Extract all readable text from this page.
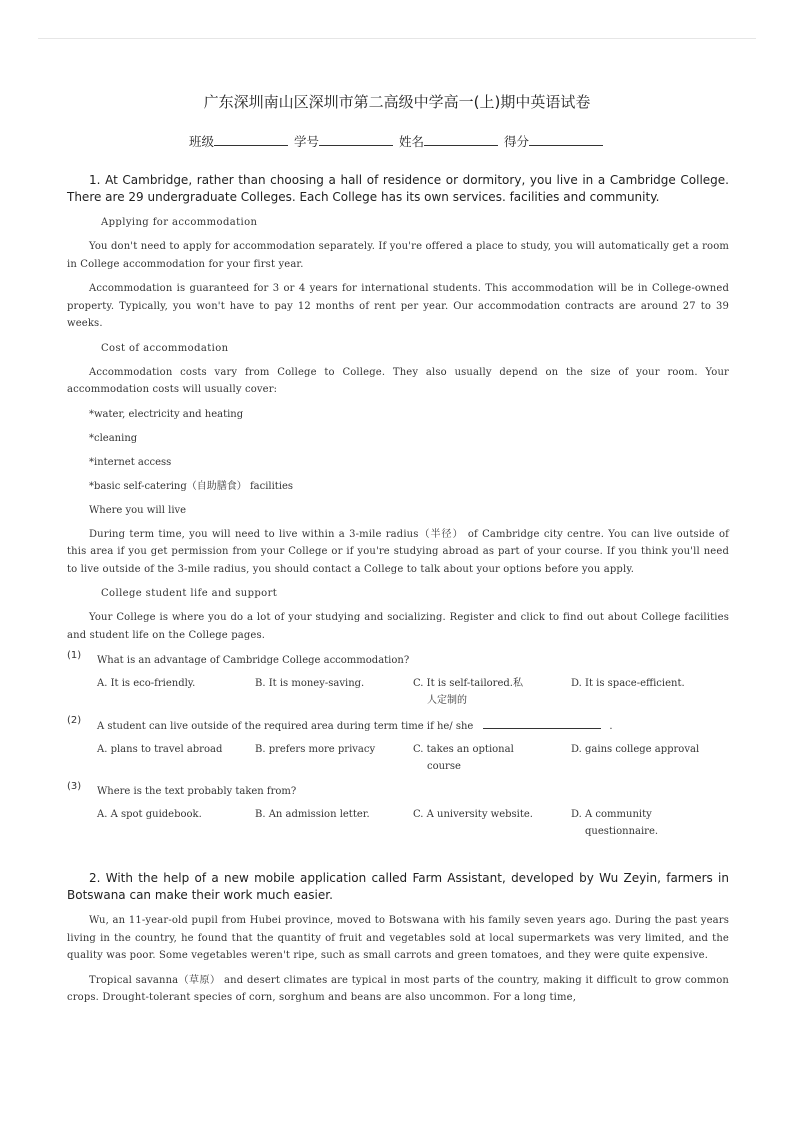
广东深圳南山区深圳市第二高级中学高一(上)期中英语试卷
班级	学号	姓名	得分

1. At Cambridge, rather than choosing a hall of residence or dormitory, you live in a Cambridge College. There are 29 undergraduate Colleges. Each College has its own services. facilities and community.

Applying for accommodation

You don't need to apply for accommodation separately. If you're offered a place to study, you will automatically get a room in College accommodation for your first year.

Accommodation is guaranteed for 3 or 4 years for international students. This accommodation will be in College-owned property. Typically, you won't have to pay 12 months of rent per year. Our accommodation contracts are around 27 to 39 weeks.

Cost of accommodation

Accommodation costs vary from College to College. They also usually depend on the size of your room. Your accommodation costs will usually cover:

*water, electricity and heating

*cleaning

*internet access

*basic self-catering（自助膳食） facilities

Where you will live

During term time, you will need to live within a 3-mile radius（半径） of Cambridge city centre. You can live outside of this area if you get permission from your College or if you're studying abroad as part of your course. If you think you'll need to live outside of the 3-mile radius, you should contact a College to talk about your options before you apply.

College student life and support

Your College is where you do a lot of your studying and socializing. Register and click to find out about College facilities and student life on the College pages.

(1) What is an advantage of Cambridge College accommodation?
A. It is eco-friendly.	B. It is money-saving.	C. It is self-tailored.私
人定制的
D. It is space-efficient.
(2)
A student can live outside of the required area during term time if he/ she	.
A. plans to travel abroad	B. prefers more privacy	C. takes an optional
course
D. gains college approval
(3) Where is the text probably taken from?
A. A spot guidebook.	B. An admission letter.	C. A university website.	D. A community
questionnaire.

2. With the help of a new mobile application called Farm Assistant, developed by Wu Zeyin, farmers in Botswana can make their work much easier.

Wu, an 11-year-old pupil from Hubei province, moved to Botswana with his family seven years ago. During the past years living in the country, he found that the quantity of fruit and vegetables sold at local supermarkets was very limited, and the quality was poor. Some vegetables weren't ripe, such as small carrots and green tomatoes, and they were quite expensive.

Tropical savanna（草原） and desert climates are typical in most parts of the country, making it difficult to grow common crops. Drought-tolerant species of corn, sorghum and beans are also uncommon. For a long time,
